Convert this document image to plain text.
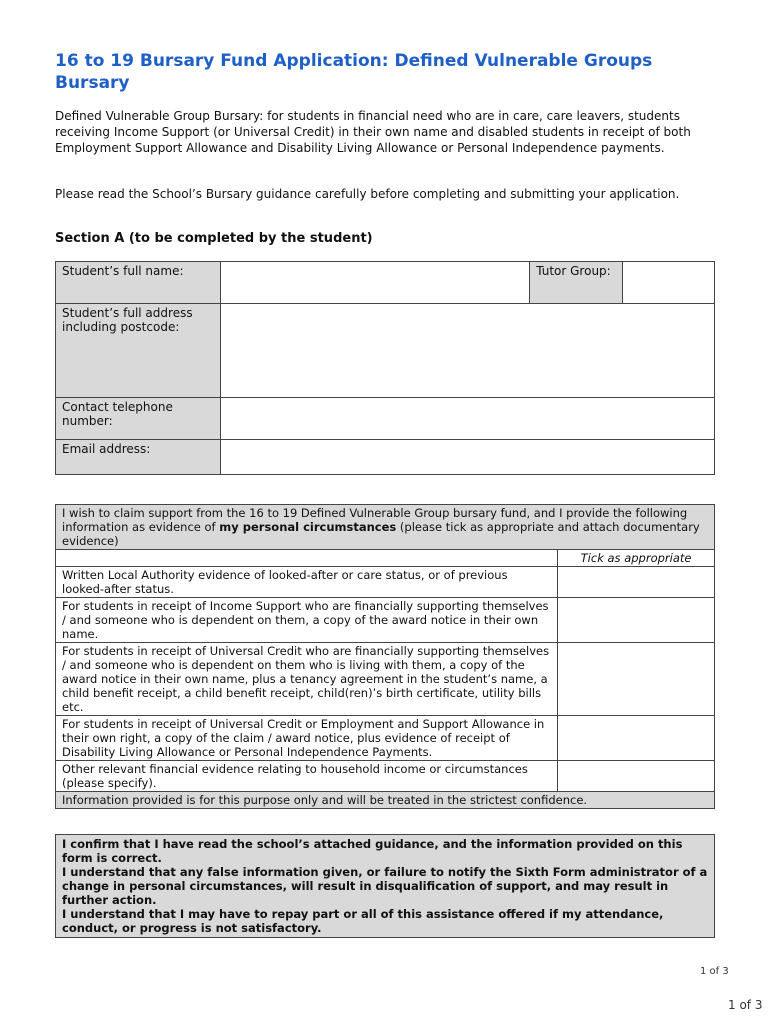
16 to 19 Bursary Fund Application: Defined Vulnerable Groups Bursary

Defined Vulnerable Group Bursary: for students in financial need who are in care, care leavers, students receiving Income Support (or Universal Credit) in their own name and disabled students in receipt of both Employment Support Allowance and Disability Living Allowance or Personal Independence payments.

Please read the School’s Bursary guidance carefully before completing and submitting your application.

Section A (to be completed by the student)
Student’s full name:		Tutor Group:	
Student’s full address including postcode:			
Contact telephone number:			
Email address:			
I wish to claim support from the 16 to 19 Defined Vulnerable Group bursary fund, and I provide the following information as evidence of my personal circumstances (please tick as appropriate and attach documentary evidence)	
	Tick as appropriate
Written Local Authority evidence of looked-after or care status, or of previous looked-after status.	
For students in receipt of Income Support who are financially supporting themselves / and someone who is dependent on them, a copy of the award notice in their own name.	
For students in receipt of Universal Credit who are financially supporting themselves / and someone who is dependent on them who is living with them, a copy of the award notice in their own name, plus a tenancy agreement in the student’s name, a child benefit receipt, a child benefit receipt, child(ren)’s birth certificate, utility bills etc.	
For students in receipt of Universal Credit or Employment and Support Allowance in their own right, a copy of the claim / award notice, plus evidence of receipt of Disability Living Allowance or Personal Independence Payments.	
Other relevant financial evidence relating to household income or circumstances (please specify).	
Information provided is for this purpose only and will be treated in the strictest confidence.	
I confirm that I have read the school’s attached guidance, and the information provided on this form is correct.
I understand that any false information given, or failure to notify the Sixth Form administrator of a change in personal circumstances, will result in disqualification of support, and may result in further action.
I understand that I may have to repay part or all of this assistance offered if my attendance, conduct, or progress is not satisfactory.
1 of 3
1 of 3
